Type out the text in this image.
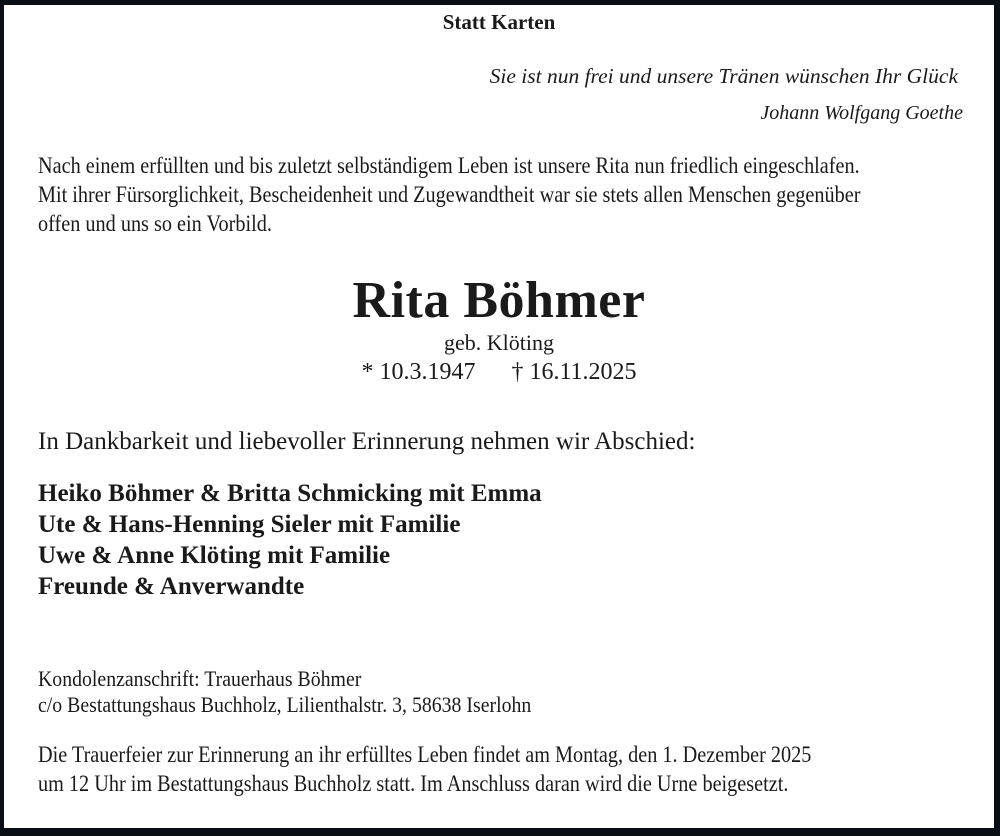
Statt Karten
Sie ist nun frei und unsere Tränen wünschen Ihr Glück
Johann Wolfgang Goethe
Nach einem erfüllten und bis zuletzt selbständigem Leben ist unsere Rita nun friedlich eingeschlafen.
Mit ihrer Fürsorglichkeit, Bescheidenheit und Zugewandtheit war sie stets allen Menschen gegenüber
offen und uns so ein Vorbild.
Rita Böhmer
geb. Klöting
* 10.3.1947 † 16.11.2025
In Dankbarkeit und liebevoller Erinnerung nehmen wir Abschied:
Heiko Böhmer & Britta Schmicking mit Emma
Ute & Hans-Henning Sieler mit Familie
Uwe & Anne Klöting mit Familie
Freunde & Anverwandte
Kondolenzanschrift: Trauerhaus Böhmer
c/o Bestattungshaus Buchholz, Lilienthalstr. 3, 58638 Iserlohn
Die Trauerfeier zur Erinnerung an ihr erfülltes Leben findet am Montag, den 1. Dezember 2025
um 12 Uhr im Bestattungshaus Buchholz statt. Im Anschluss daran wird die Urne beigesetzt.
